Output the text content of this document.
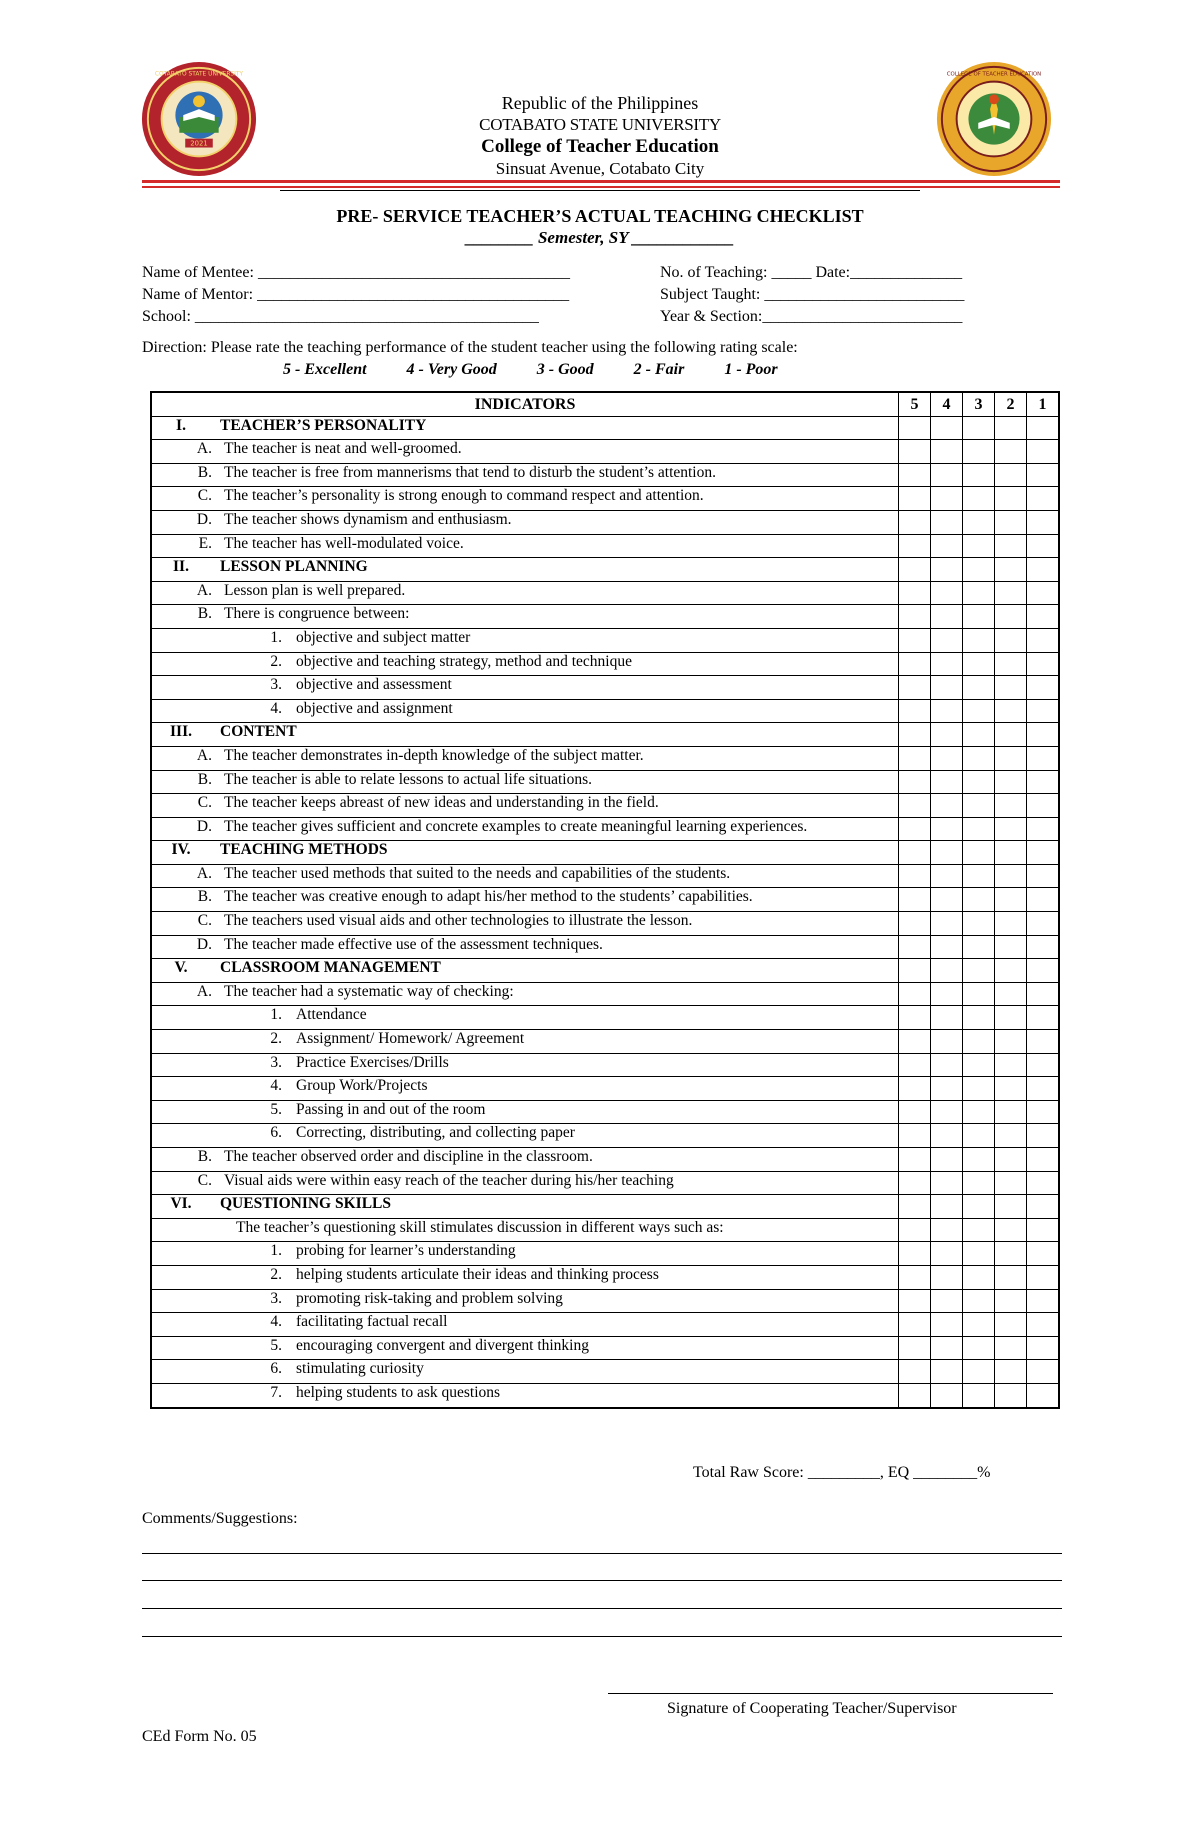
2021
COTABATO STATE UNIVERSITY	COLLEGE OF TEACHER EDUCATION
Republic of the Philippines
COTABATO STATE UNIVERSITY
College of Teacher Education
Sinsuat Avenue, Cotabato City
PRE- SERVICE TEACHER’S ACTUAL TEACHING CHECKLIST
________ Semester, SY ____________
Name of Mentee: _______________________________________
Name of Mentor: _______________________________________
School: ___________________________________________
No. of Teaching: _____ Date:______________
Subject Taught: _________________________
Year & Section:_________________________
Direction: Please rate the teaching performance of the student teacher using the following rating scale:
5 - Excellent	4 - Very Good	3 - Good	2 - Fair	1 - Poor
INDICATORS	5	4	3	2	1
I. TEACHER’S PERSONALITY					
A. The teacher is neat and well-groomed.					
B. The teacher is free from mannerisms that tend to disturb the student’s attention.					
C. The teacher’s personality is strong enough to command respect and attention.					
D. The teacher shows dynamism and enthusiasm.					
E. The teacher has well-modulated voice.					
II. LESSON PLANNING					
A. Lesson plan is well prepared.					
B. There is congruence between:					
1. objective and subject matter					
2. objective and teaching strategy, method and technique					
3. objective and assessment					
4. objective and assignment					
III. CONTENT					
A. The teacher demonstrates in-depth knowledge of the subject matter.					
B. The teacher is able to relate lessons to actual life situations.					
C. The teacher keeps abreast of new ideas and understanding in the field.					
D. The teacher gives sufficient and concrete examples to create meaningful learning experiences.					
IV. TEACHING METHODS					
A. The teacher used methods that suited to the needs and capabilities of the students.					
B. The teacher was creative enough to adapt his/her method to the students’ capabilities.					
C. The teachers used visual aids and other technologies to illustrate the lesson.					
D. The teacher made effective use of the assessment techniques.					
V. CLASSROOM MANAGEMENT					
A. The teacher had a systematic way of checking:					
1. Attendance					
2. Assignment/ Homework/ Agreement					
3. Practice Exercises/Drills					
4. Group Work/Projects					
5. Passing in and out of the room					
6. Correcting, distributing, and collecting paper					
B. The teacher observed order and discipline in the classroom.					
C. Visual aids were within easy reach of the teacher during his/her teaching					
VI. QUESTIONING SKILLS					
The teacher’s questioning skill stimulates discussion in different ways such as:					
1. probing for learner’s understanding					
2. helping students articulate their ideas and thinking process					
3. promoting risk-taking and problem solving					
4. facilitating factual recall					
5. encouraging convergent and divergent thinking					
6. stimulating curiosity					
7. helping students to ask questions					
Total Raw Score: _________, EQ ________%
Comments/Suggestions:
Signature of Cooperating Teacher/Supervisor
CEd Form No. 05
